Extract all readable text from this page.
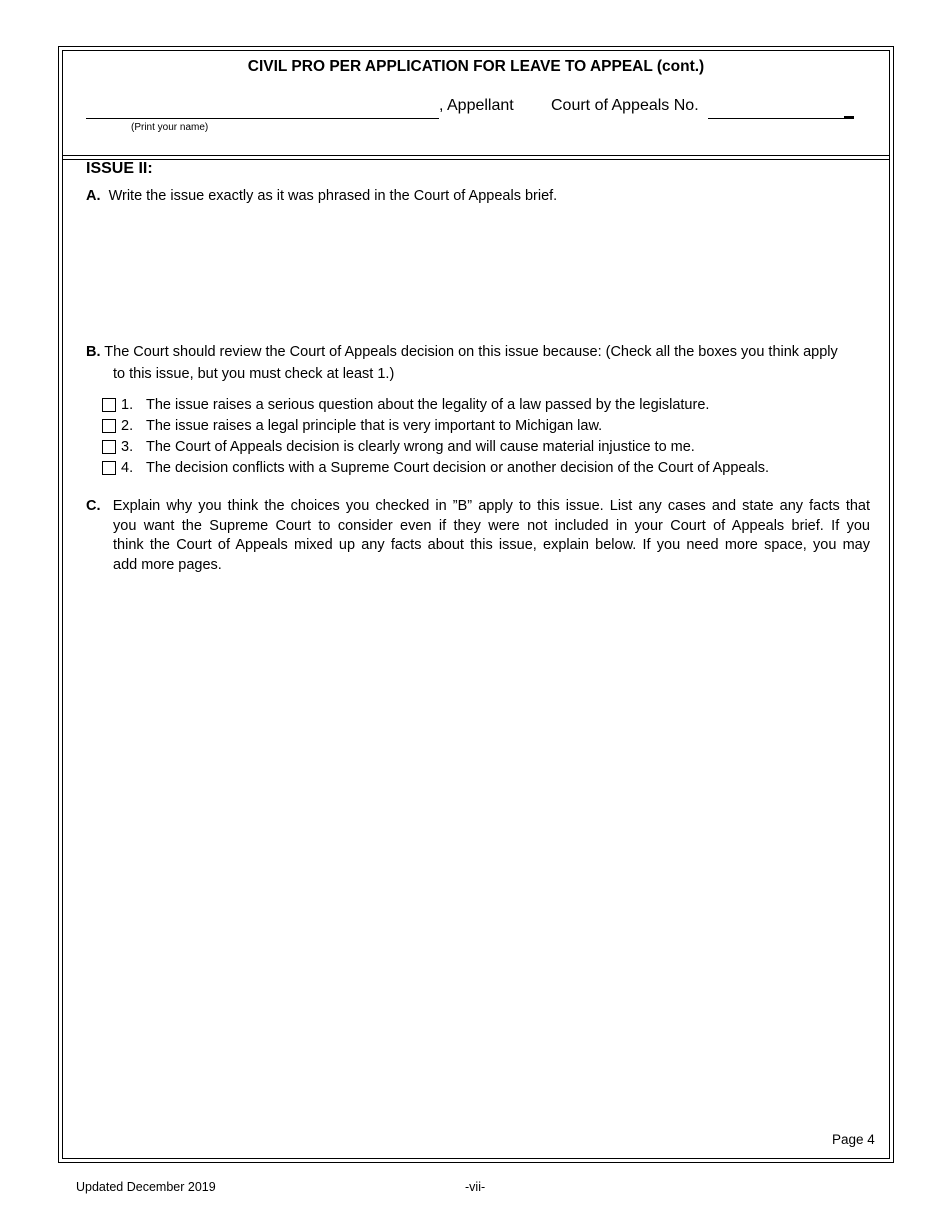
CIVIL PRO PER APPLICATION FOR LEAVE TO APPEAL (cont.)
, Appellant Court of Appeals No.
(Print your name)
ISSUE II:
A. Write the issue exactly as it was phrased in the Court of Appeals brief.
B. The Court should review the Court of Appeals decision on this issue because: (Check all the boxes you think apply
to this issue, but you must check at least 1.)
1. The issue raises a serious question about the legality of a law passed by the legislature.
2. The issue raises a legal principle that is very important to Michigan law.
3. The Court of Appeals decision is clearly wrong and will cause material injustice to me.
4. The decision conflicts with a Supreme Court decision or another decision of the Court of Appeals.
C. Explain why you think the choices you checked in ”B” apply to this issue. List any cases and state any facts that
you want the Supreme Court to consider even if they were not included in your Court of Appeals brief. If you
think the Court of Appeals mixed up any facts about this issue, explain below. If you need more space, you may
add more pages.
Page 4
Updated December 2019	-vii-
